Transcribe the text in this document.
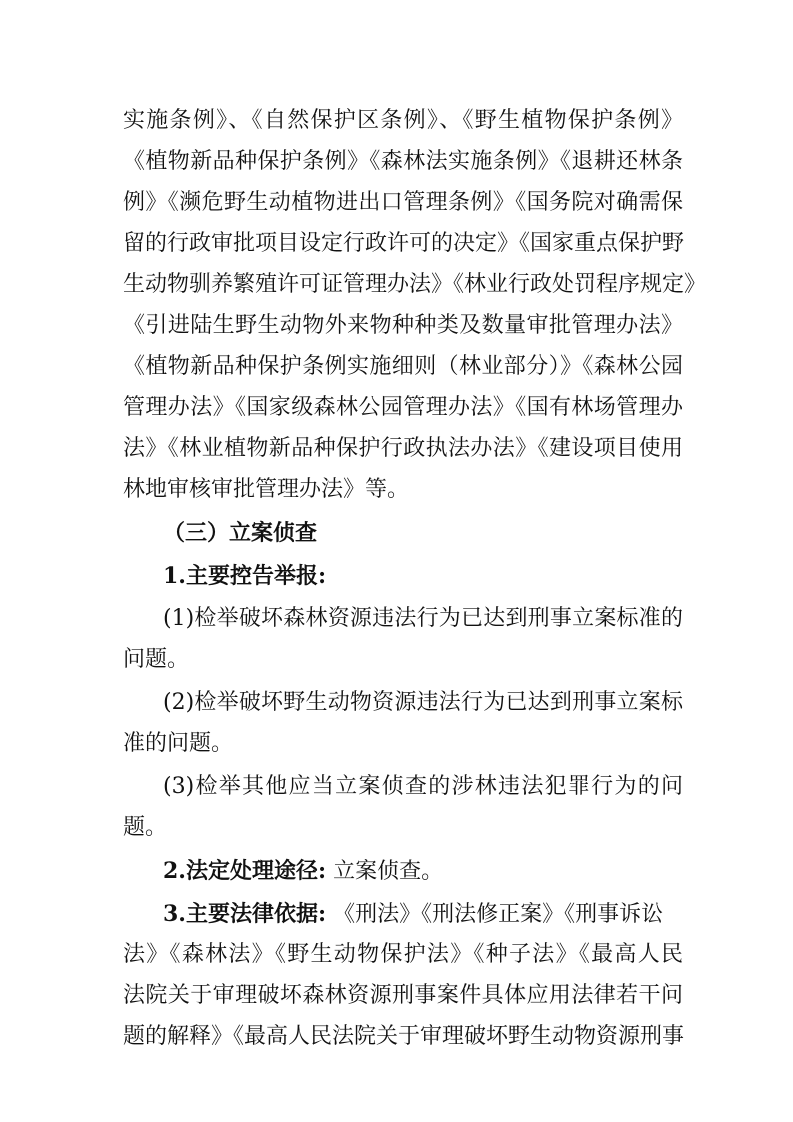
实施条例》、《自然保护区条例》、《野生植物保护条例》
《植物新品种保护条例》《森林法实施条例》《退耕还林条
例》《濒危野生动植物进出口管理条例》《国务院对确需保
留的行政审批项目设定行政许可的决定》《国家重点保护野
生动物驯养繁殖许可证管理办法》《林业行政处罚程序规定》
《引进陆生野生动物外来物种种类及数量审批管理办法》
《植物新品种保护条例实施细则（林业部分）》《森林公园
管理办法》《国家级森林公园管理办法》《国有林场管理办
法》《林业植物新品种保护行政执法办法》《建设项目使用
林地审核审批管理办法》等。
（三）立案侦查
1.主要控告举报:
(1)检举破坏森林资源违法行为已达到刑事立案标准的
问题。
(2)检举破坏野生动物资源违法行为已达到刑事立案标
准的问题。
(3)检举其他应当立案侦查的涉林违法犯罪行为的问
题。
2.法定处理途径: 立案侦查。
3.主要法律依据: 《刑法》《刑法修正案》《刑事诉讼
法》《森林法》《野生动物保护法》《种子法》《最高人民
法院关于审理破坏森林资源刑事案件具体应用法律若干问
题的解释》《最高人民法院关于审理破坏野生动物资源刑事
